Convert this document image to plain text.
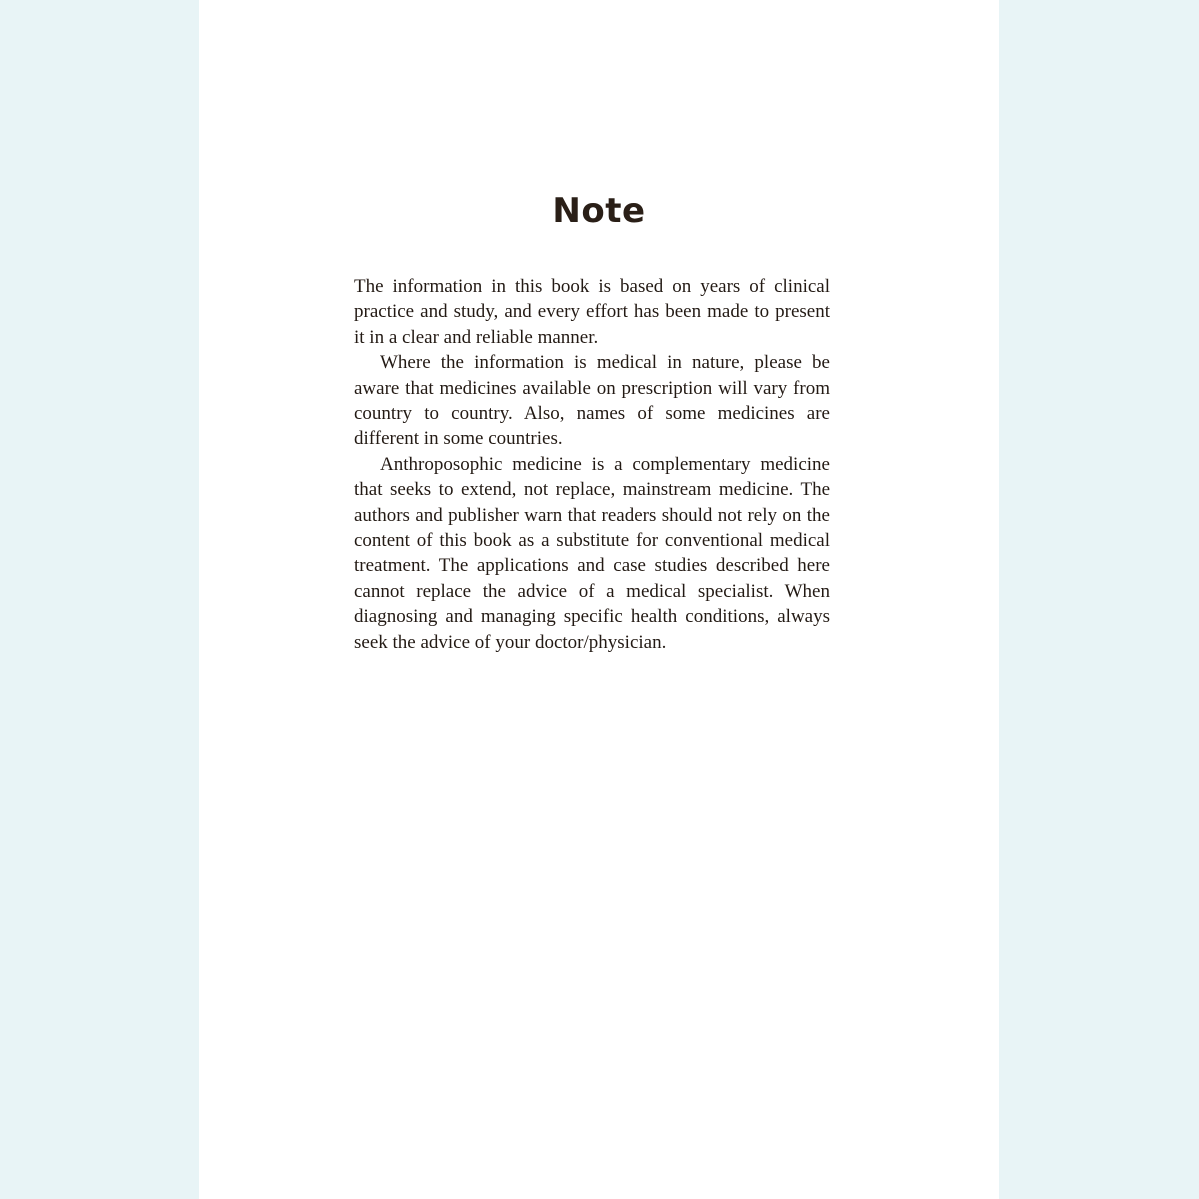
Note

The information in this book is based on years of clinical practice and study, and every effort has been made to present it in a clear and reliable manner.

Where the information is medical in nature, please be aware that medicines available on prescription will vary from country to country. Also, names of some medicines are different in some countries.

Anthroposophic medicine is a complementary medicine that seeks to extend, not replace, mainstream medicine. The authors and publisher warn that readers should not rely on the content of this book as a substitute for conventional medical treatment. The applications and case studies described here cannot replace the advice of a medical specialist. When diagnosing and managing specific health conditions, always seek the advice of your doctor/physician.
